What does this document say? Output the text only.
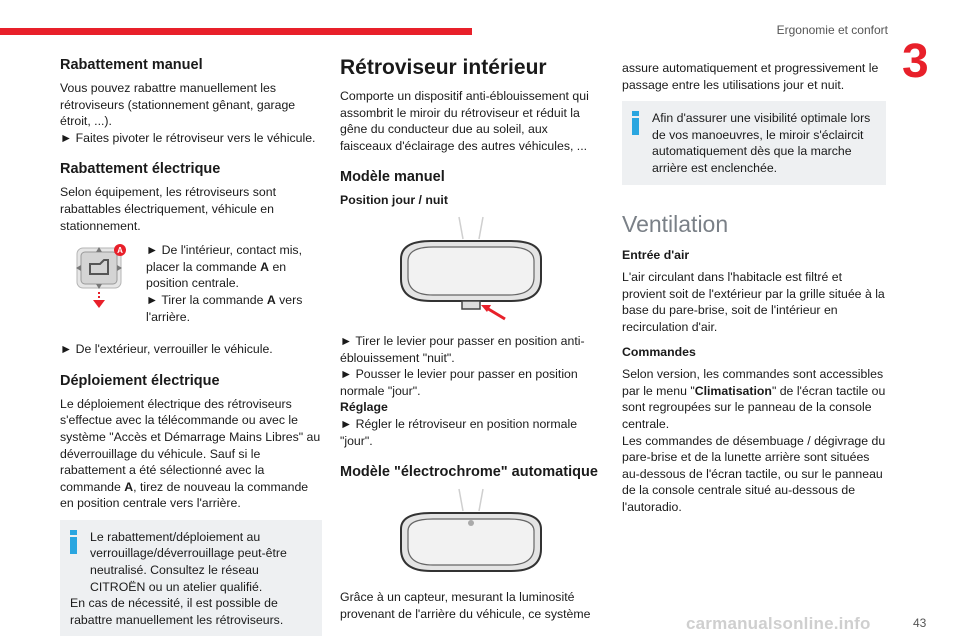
Ergonomie et confort
3
Rabattement manuel

Vous pouvez rabattre manuellement les rétroviseurs (stationnement gênant, garage étroit, ...).

► Faites pivoter le rétroviseur vers le véhicule.

Rabattement électrique

Selon équipement, les rétroviseurs sont rabattables électriquement, véhicule en stationnement.

A ► De l'intérieur, contact mis, placer la commande A en position centrale.

► Tirer la commande A vers l'arrière.

► De l'extérieur, verrouiller le véhicule.

Déploiement électrique

Le déploiement électrique des rétroviseurs s'effectue avec la télécommande ou avec le système "Accès et Démarrage Mains Libres" au déverrouillage du véhicule. Sauf si le rabattement a été sélectionné avec la commande A, tirez de nouveau la commande en position centrale vers l'arrière.

Le rabattement/déploiement au verrouillage/déverrouillage peut-être neutralisé. Consultez le réseau CITROËN ou un atelier qualifié.

En cas de nécessité, il est possible de rabattre manuellement les rétroviseurs.

Rétroviseur intérieur

Comporte un dispositif anti-éblouissement qui assombrit le miroir du rétroviseur et réduit la gêne du conducteur due au soleil, aux faisceaux d'éclairage des autres véhicules, ...

Modèle manuel
Position jour / nuit

► Tirer le levier pour passer en position anti-éblouissement "nuit".

► Pousser le levier pour passer en position normale "jour".

Réglage

► Régler le rétroviseur en position normale "jour".

Modèle "électrochrome" automatique

Grâce à un capteur, mesurant la luminosité provenant de l'arrière du véhicule, ce système

assure automatiquement et progressivement le passage entre les utilisations jour et nuit.

Afin d'assurer une visibilité optimale lors de vos manoeuvres, le miroir s'éclaircit automatiquement dès que la marche arrière est enclenchée.

Ventilation
Entrée d'air

L'air circulant dans l'habitacle est filtré et provient soit de l'extérieur par la grille située à la base du pare-brise, soit de l'intérieur en recirculation d'air.

Commandes

Selon version, les commandes sont accessibles par le menu "Climatisation" de l'écran tactile ou sont regroupées sur le panneau de la console centrale.

Les commandes de désembuage / dégivrage du pare-brise et de la lunette arrière sont situées au-dessous de l'écran tactile, ou sur le panneau de la console centrale situé au-dessous de l'autoradio.

carmanualsonline.info	43
